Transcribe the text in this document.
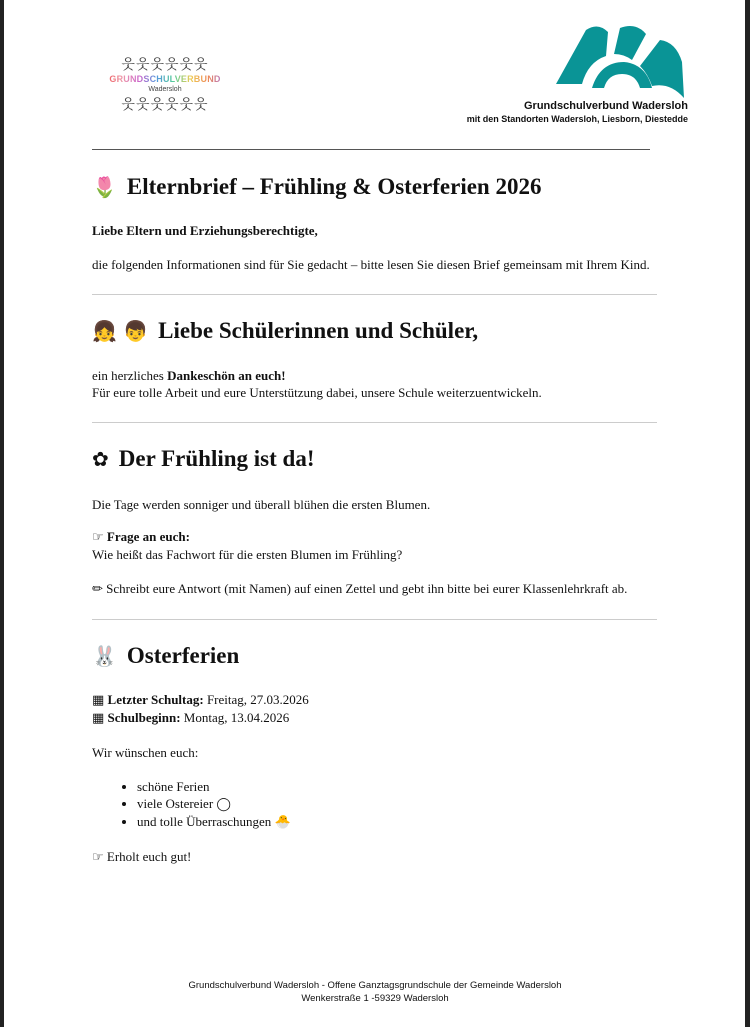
웃웃웃웃웃웃
GRUNDSCHULVERBUND
Wadersloh
웃웃웃웃웃웃	Grundschulverbund Wadersloh
mit den Standorten Wadersloh, Liesborn, Diestedde
🌷 Elternbrief – Frühling & Osterferien 2026

Liebe Eltern und Erziehungsberechtigte,

die folgenden Informationen sind für Sie gedacht – bitte lesen Sie diesen Brief gemeinsam mit Ihrem Kind.

👧 👦 Liebe Schülerinnen und Schüler,

ein herzliches Dankeschön an euch!

Für eure tolle Arbeit und eure Unterstützung dabei, unsere Schule weiterzuentwickeln.

✿ Der Frühling ist da!

Die Tage werden sonniger und überall blühen die ersten Blumen.

☞ Frage an euch:

Wie heißt das Fachwort für die ersten Blumen im Frühling?

✏ Schreibt eure Antwort (mit Namen) auf einen Zettel und gebt ihn bitte bei eurer Klassenlehrkraft ab.

🐰 Osterferien

▦ Letzter Schultag: Freitag, 27.03.2026

▦ Schulbeginn: Montag, 13.04.2026

Wir wünschen euch:

• schöne Ferien
• viele Ostereier ◯
• und tolle Überraschungen 🐣

☞ Erholt euch gut!

Grundschulverbund Wadersloh - Offene Ganztagsgrundschule der Gemeinde Wadersloh
Wenkerstraße 1 -59329 Wadersloh
